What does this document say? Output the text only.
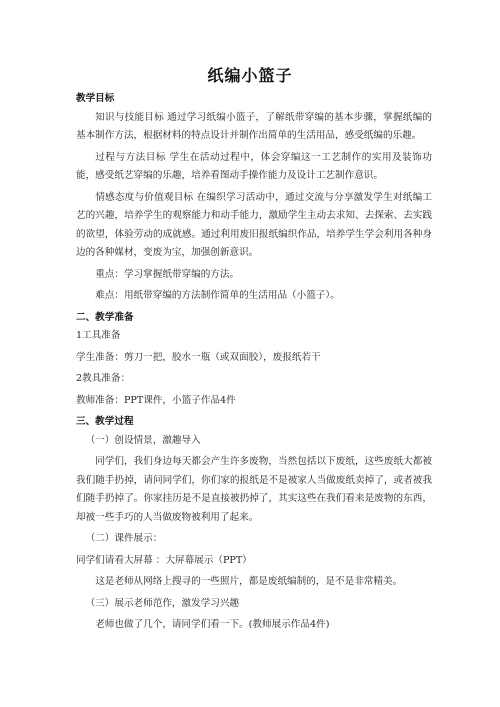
纸编小篮子
教学目标

知识与技能目标 通过学习纸编小篮子，了解纸带穿编的基本步骤，掌握纸编的基本制作方法，根据材料的特点设计并制作出简单的生活用品，感受纸编的乐趣。

过程与方法目标 学生在活动过程中，体会穿编这一工艺制作的实用及装饰功能，感受纸艺穿编的乐趣，培养看图动手操作能力及设计工艺制作意识。

情感态度与价值观目标 在编织学习活动中，通过交流与分享激发学生对纸编工艺的兴趣，培养学生的观察能力和动手能力，激励学生主动去求知、去探索、去实践的欲望，体验劳动的成就感。通过利用废旧报纸编织作品，培养学生学会利用各种身边的各种媒材，变废为宝，加强创新意识。

重点：学习掌握纸带穿编的方法。

难点：用纸带穿编的方法制作简单的生活用品（小篮子）。

二、教学准备

1工具准备

学生准备：剪刀一把，胶水一瓶（或双面胶），废报纸若干

2教具准备：

教师准备：PPT课件，小篮子作品4件

三、教学过程

（一）创设情景，激趣导入

同学们，我们身边每天都会产生许多废物，当然包括以下废纸，这些废纸大都被我们随手扔掉，请问同学们，你们家的报纸是不是被家人当做废纸卖掉了，或者被我们随手扔掉了。你家挂历是不是直接被扔掉了，其实这些在我们看来是废物的东西，却被一些手巧的人当做废物被利用了起来。

（二）课件展示：

同学们请看大屏幕 ：大屏幕展示（PPT）

这是老师从网络上搜寻的一些照片，都是废纸编制的，是不是非常精美。

（三）展示老师范作，激发学习兴趣

老师也做了几个，请同学们看一下。(教师展示作品4件)
